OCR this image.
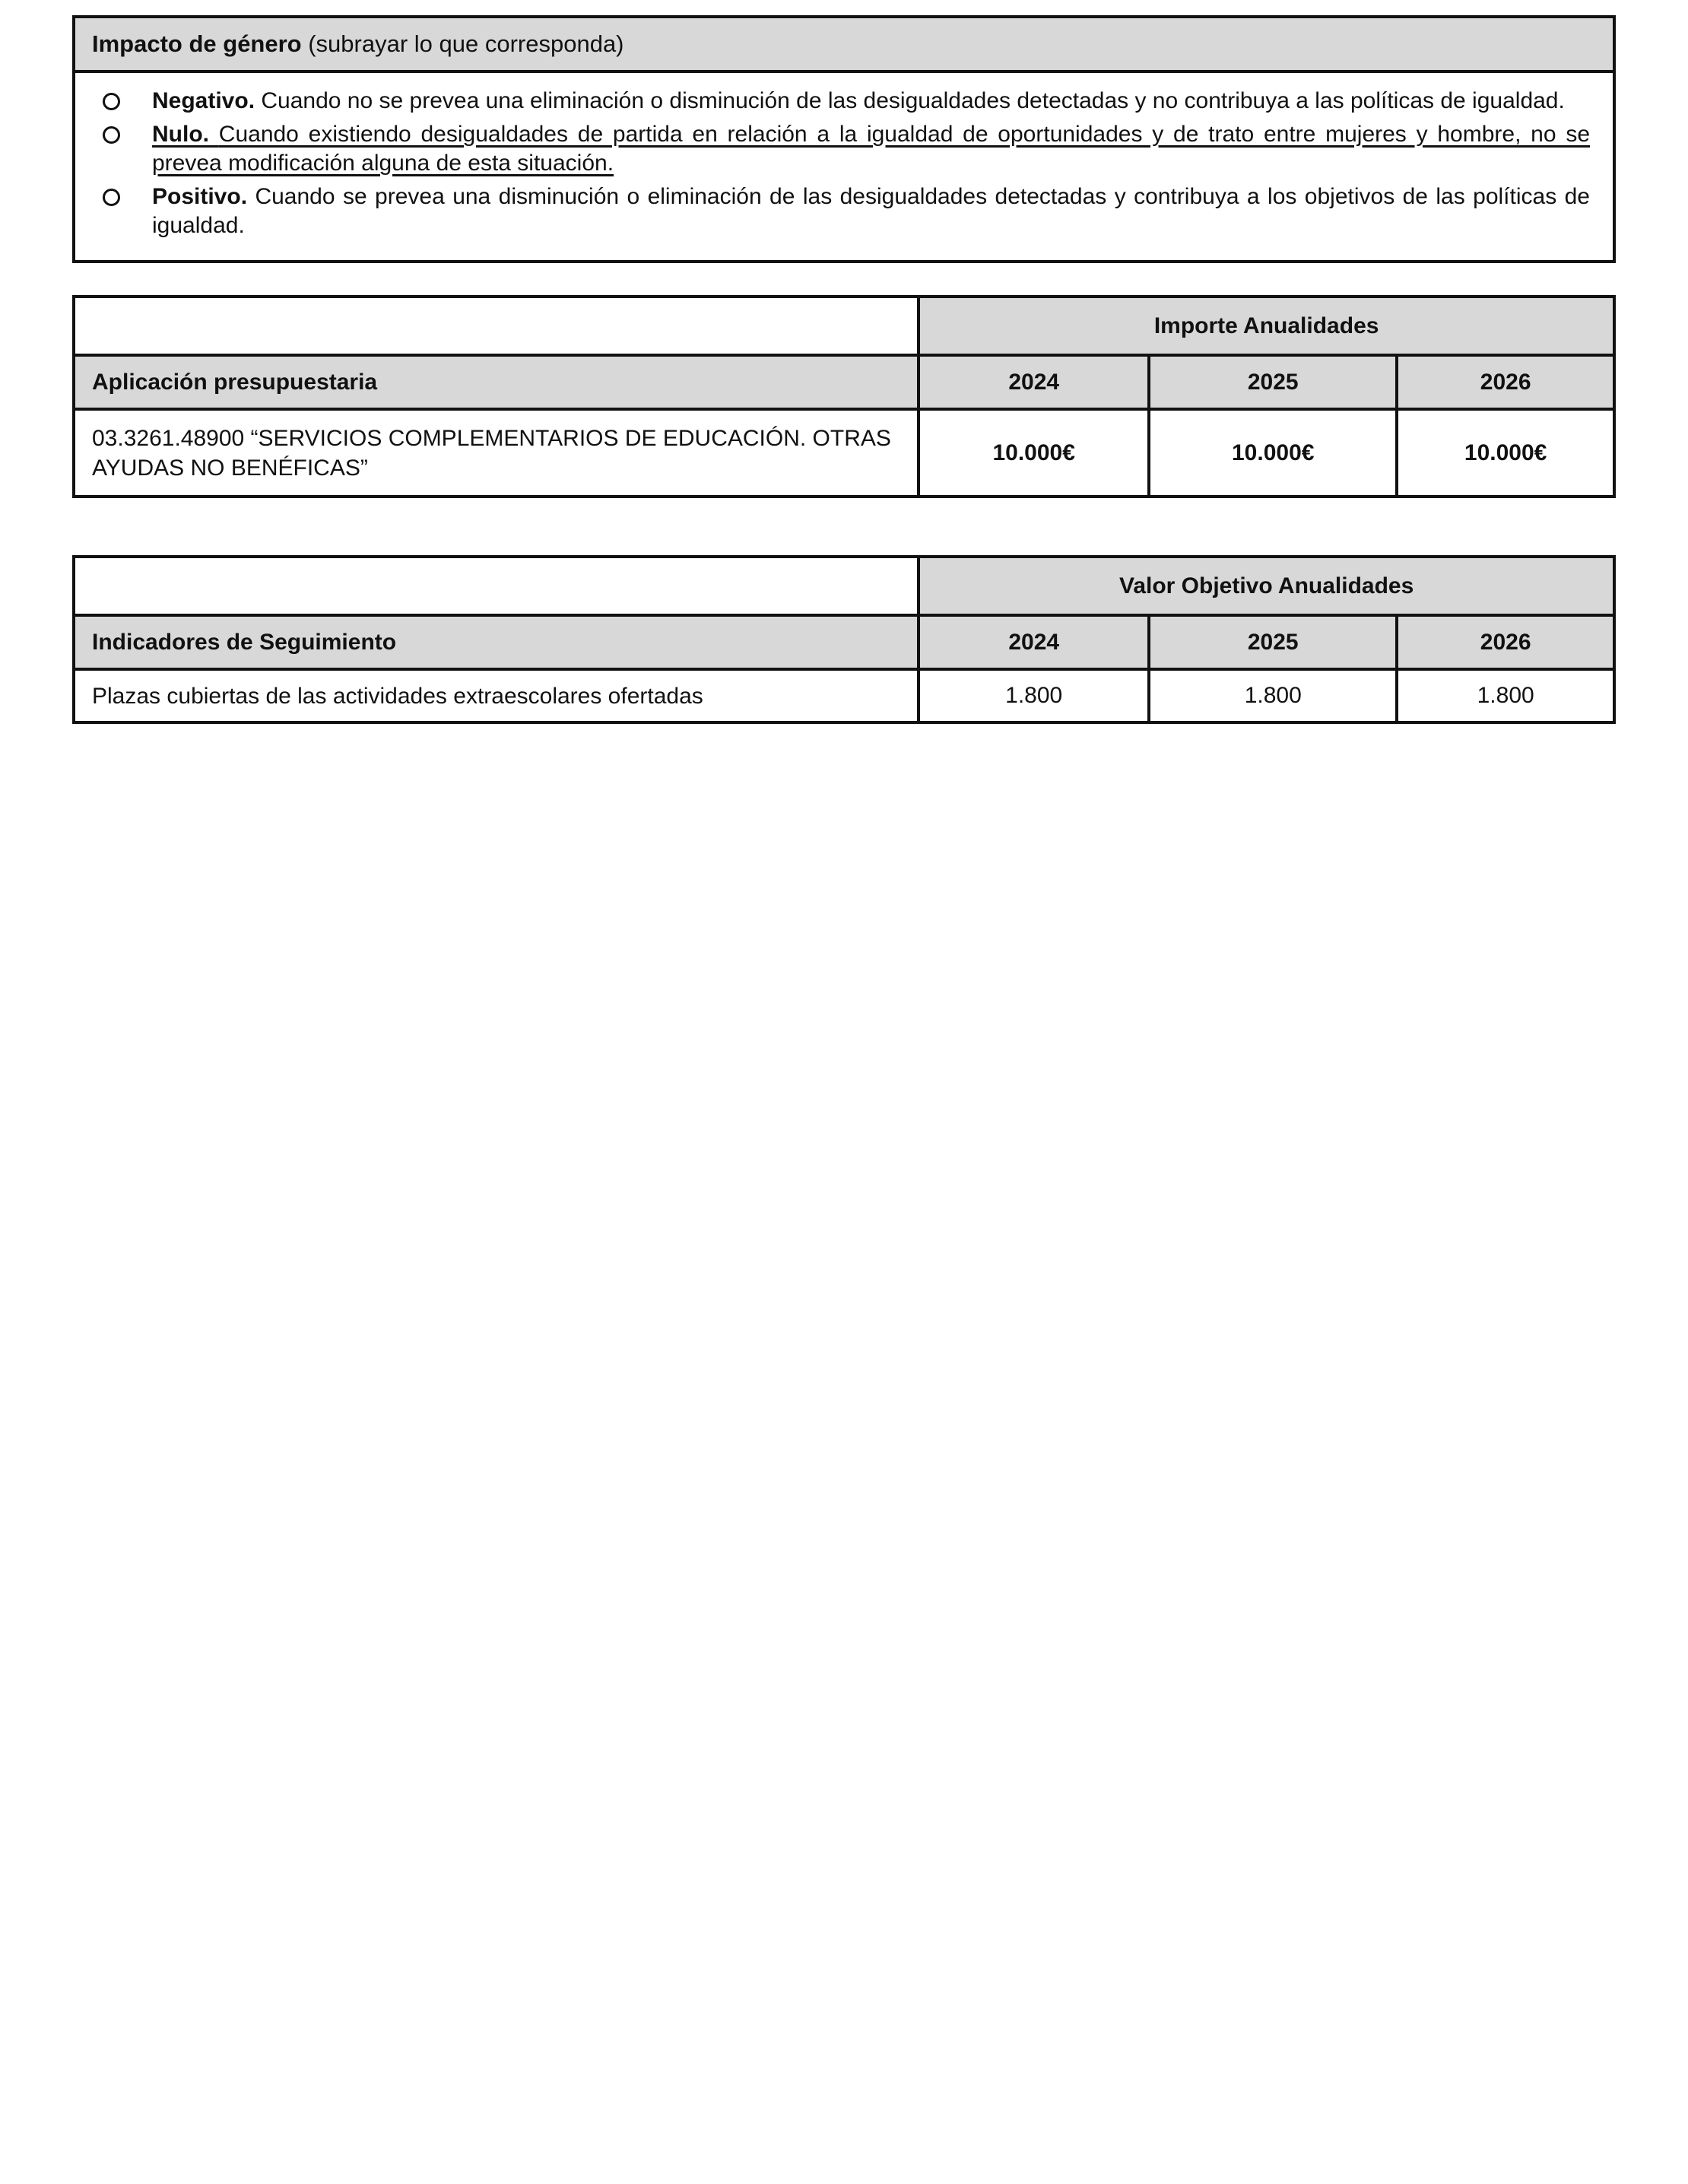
Impacto de género (subrayar lo que corresponda)

Negativo. Cuando no se prevea una eliminación o disminución de las desigualdades detectadas y no contribuya a las políticas de igualdad.

Nulo. Cuando existiendo desigualdades de partida en relación a la igualdad de oportunidades y de trato entre mujeres y hombre, no se prevea modificación alguna de esta situación.

Positivo. Cuando se prevea una disminución o eliminación de las desigualdades detectadas y contribuya a los objetivos de las políticas de igualdad.

	Importe Anualidades		
Aplicación presupuestaria	2024	2025	2026
03.3261.48900 “SERVICIOS COMPLEMENTARIOS DE EDUCACIÓN. OTRAS AYUDAS NO BENÉFICAS”	10.000€	10.000€	10.000€
	Valor Objetivo Anualidades		
Indicadores de Seguimiento	2024	2025	2026
Plazas cubiertas de las actividades extraescolares ofertadas	1.800	1.800	1.800
